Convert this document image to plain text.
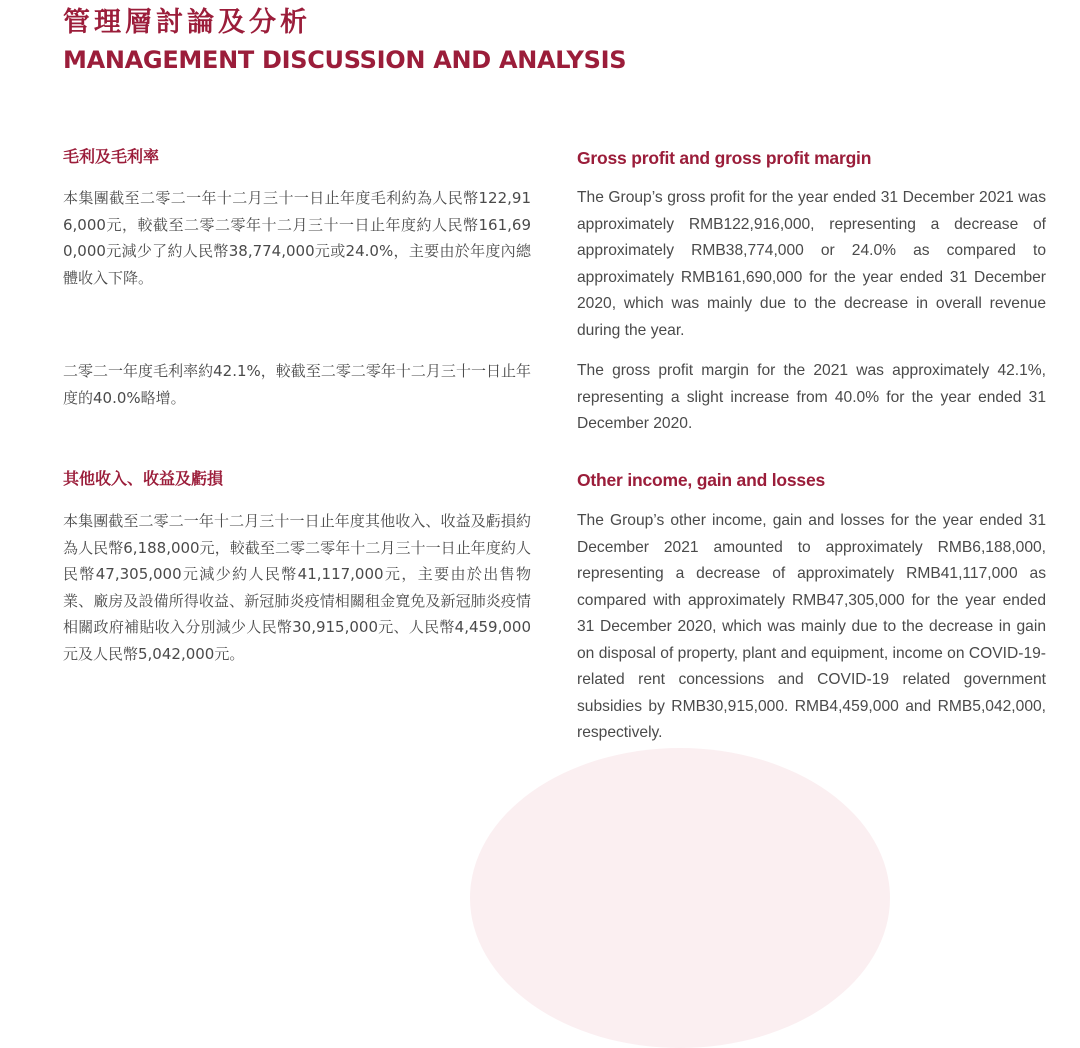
管理層討論及分析
MANAGEMENT DISCUSSION AND ANALYSIS
毛利及毛利率	Gross profit and gross profit margin

本集團截至二零二一年十二月三十一日止年度毛利約為人民幣122,916,000元，較截至二零二零年十二月三十一日止年度約人民幣161,690,000元減少了約人民幣38,774,000元或24.0%，主要由於年度內總體收入下降。

The Group’s gross profit for the year ended 31 December 2021 was approximately RMB122,916,000, representing a decrease of approximately RMB38,774,000 or 24.0% as compared to approximately RMB161,690,000 for the year ended 31 December 2020, which was mainly due to the decrease in overall revenue during the year.

二零二一年度毛利率約42.1%，較截至二零二零年十二月三十一日止年度的40.0%略增。

The gross profit margin for the 2021 was approximately 42.1%, representing a slight increase from 40.0% for the year ended 31 December 2020.

其他收入、收益及虧損	Other income, gain and losses

本集團截至二零二一年十二月三十一日止年度其他收入、收益及虧損約為人民幣6,188,000元，較截至二零二零年十二月三十一日止年度約人民幣47,305,000元減少約人民幣41,117,000元，主要由於出售物業、廠房及設備所得收益、新冠肺炎疫情相關租金寬免及新冠肺炎疫情相關政府補貼收入分別減少人民幣30,915,000元、人民幣4,459,000元及人民幣5,042,000元。

The Group’s other income, gain and losses for the year ended 31 December 2021 amounted to approximately RMB6,188,000, representing a decrease of approximately RMB41,117,000 as compared with approximately RMB47,305,000 for the year ended 31 December 2020, which was mainly due to the decrease in gain on disposal of property, plant and equipment, income on COVID-19-related rent concessions and COVID-19 related government subsidies by RMB30,915,000. RMB4,459,000 and RMB5,042,000, respectively.
